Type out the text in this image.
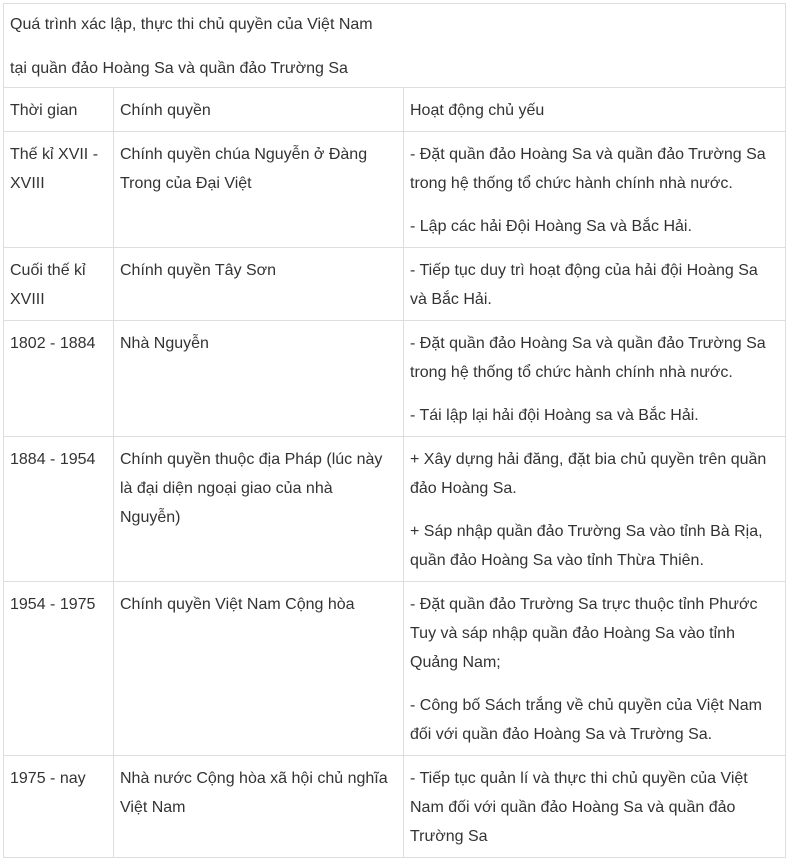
Quá trình xác lập, thực thi chủ quyền của Việt Nam

tại quần đảo Hoàng Sa và quần đảo Trường Sa		

Thời gian	Chính quyền	Hoạt động chủ yếu
Thế kỉ XVII - XVIII	Chính quyền chúa Nguyễn ở Đàng Trong của Đại Việt	- Đặt quần đảo Hoàng Sa và quần đảo Trường Sa trong hệ thống tổ chức hành chính nhà nước.

- Lập các hải Đội Hoàng Sa và Bắc Hải.

Cuối thế kỉ XVIII	Chính quyền Tây Sơn	- Tiếp tục duy trì hoạt động của hải đội Hoàng Sa và Bắc Hải.

1802 - 1884	Nhà Nguyễn	- Đặt quần đảo Hoàng Sa và quần đảo Trường Sa trong hệ thống tổ chức hành chính nhà nước.

- Tái lập lại hải đội Hoàng sa và Bắc Hải.

1884 - 1954	Chính quyền thuộc địa Pháp (lúc này là đại diện ngoại giao của nhà Nguyễn)	+ Xây dựng hải đăng, đặt bia chủ quyền trên quần đảo Hoàng Sa.

+ Sáp nhập quần đảo Trường Sa vào tỉnh Bà Rịa, quần đảo Hoàng Sa vào tỉnh Thừa Thiên.

1954 - 1975	Chính quyền Việt Nam Cộng hòa	- Đặt quần đảo Trường Sa trực thuộc tỉnh Phước Tuy và sáp nhập quần đảo Hoàng Sa vào tỉnh Quảng Nam;

- Công bố Sách trắng về chủ quyền của Việt Nam đối với quần đảo Hoàng Sa và Trường Sa.

1975 - nay	Nhà nước Cộng hòa xã hội chủ nghĩa Việt Nam	- Tiếp tục quản lí và thực thi chủ quyền của Việt Nam đối với quần đảo Hoàng Sa và quần đảo Trường Sa
